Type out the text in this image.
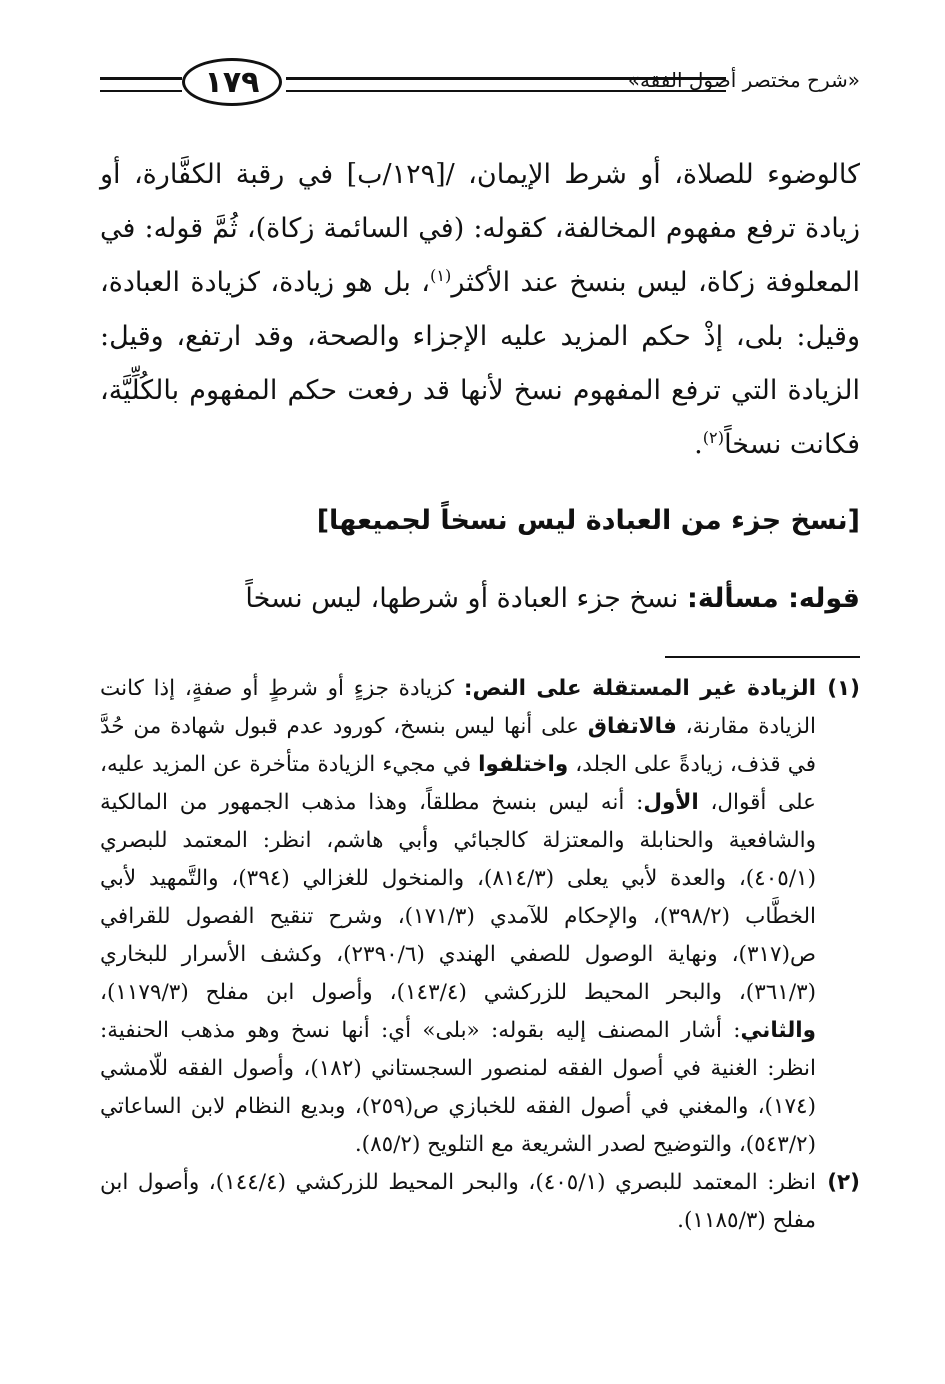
١٧٩	«شرح مختصر أصول الفقه»

كالوضوء للصلاة، أو شرط الإيمان، /[١٢٩/ب] في رقبة الكفَّارة، أو زيادة ترفع مفهوم المخالفة، كقوله: (في السائمة زكاة)، ثُمَّ قوله: في المعلوفة زكاة، ليس بنسخ عند الأكثر$^{(١)}$، بل هو زيادة، كزيادة العبادة، وقيل: بلى، إذْ حكم المزيد عليه الإجزاء والصحة، وقد ارتفع، وقيل: الزيادة التي ترفع المفهوم نسخ لأنها قد رفعت حكم المفهوم بالكُلِّيَّة، فكانت نسخاً$^{(٢)}$.

[نسخ جزء من العبادة ليس نسخاً لجميعها]
قوله: مسألة: نسخ جزء العبادة أو شرطها، ليس نسخاً

(١)
الزيادة غير المستقلة على النص: كزيادة جزءٍ أو شرطٍ أو صفةٍ، إذا كانت الزيادة مقارنة، فالاتفاق على أنها ليس بنسخ، كورود عدم قبول شهادة من حُدَّ في قذف، زيادةً على الجلد، واختلفوا في مجيء الزيادة متأخرة عن المزيد عليه، على أقوال، الأول: أنه ليس بنسخ مطلقاً، وهذا مذهب الجمهور من المالكية والشافعية والحنابلة والمعتزلة كالجبائي وأبي هاشم، انظر: المعتمد للبصري (٤٠٥/١)، والعدة لأبي يعلى (٨١٤/٣)، والمنخول للغزالي (٣٩٤)، والتَّمهيد لأبي الخطَّاب (٣٩٨/٢)، والإحكام للآمدي (١٧١/٣)، وشرح تنقيح الفصول للقرافي ص(٣١٧)، ونهاية الوصول للصفي الهندي (٢٣٩٠/٦)، وكشف الأسرار للبخاري (٣٦١/٣)، والبحر المحيط للزركشي (١٤٣/٤)، وأصول ابن مفلح (١١٧٩/٣)، والثاني: أشار المصنف إليه بقوله: «بلى» أي: أنها نسخ وهو مذهب الحنفية: انظر: الغنية في أصول الفقه لمنصور السجستاني (١٨٢)، وأصول الفقه للّامشي (١٧٤)، والمغني في أصول الفقه للخبازي ص(٢٥٩)، وبديع النظام لابن الساعاتي (٥٤٣/٢)، والتوضيح لصدر الشريعة مع التلويح (٨٥/٢).

(٢)
انظر: المعتمد للبصري (٤٠٥/١)، والبحر المحيط للزركشي (١٤٤/٤)، وأصول ابن مفلح (١١٨٥/٣).
